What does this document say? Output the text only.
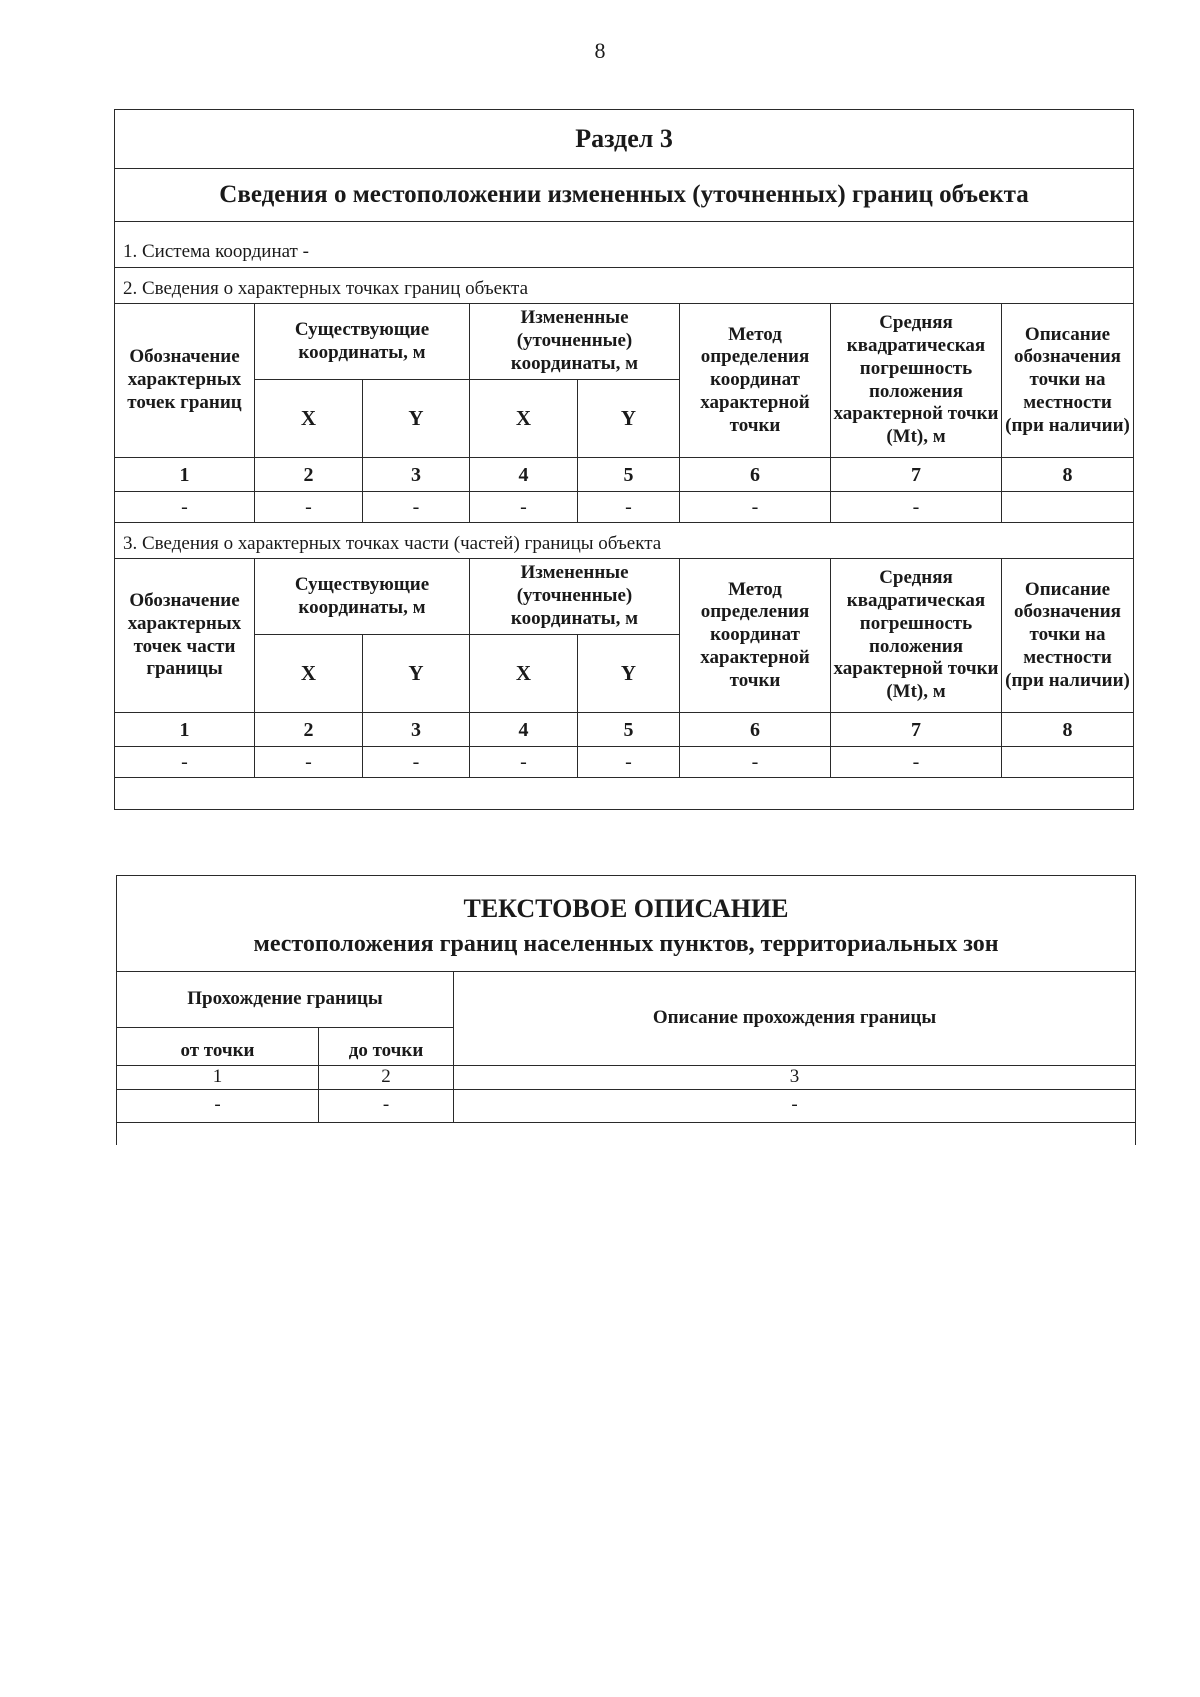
8
Раздел 3							
Сведения о местоположении измененных (уточненных) границ объекта							
1. Система координат -							
2. Сведения о характерных точках границ объекта							
Обозначение характерных точек границ	Существующие координаты, м		Измененные (уточненные) координаты, м		Метод определения координат характерной точки	Средняя квадратическая погрешность положения характерной точки (Mt), м	Описание обозначения точки на местности (при наличии)
	X	Y	X	Y			
1	2	3	4	5	6	7	8
-	-	-	-	-	-	-	
3. Сведения о характерных точках части (частей) границы объекта							
Обозначение характерных точек части границы	Существующие координаты, м		Измененные (уточненные) координаты, м		Метод определения координат характерной точки	Средняя квадратическая погрешность положения характерной точки (Mt), м	Описание обозначения точки на местности (при наличии)
	X	Y	X	Y			
1	2	3	4	5	6	7	8
-	-	-	-	-	-	-	

ТЕКСТОВОЕ ОПИСАНИЕ
местоположения границ населенных пунктов, территориальных зон		

Прохождение границы		Описание прохождения границы
от точки	до точки	
1	2	3
-	-	-
